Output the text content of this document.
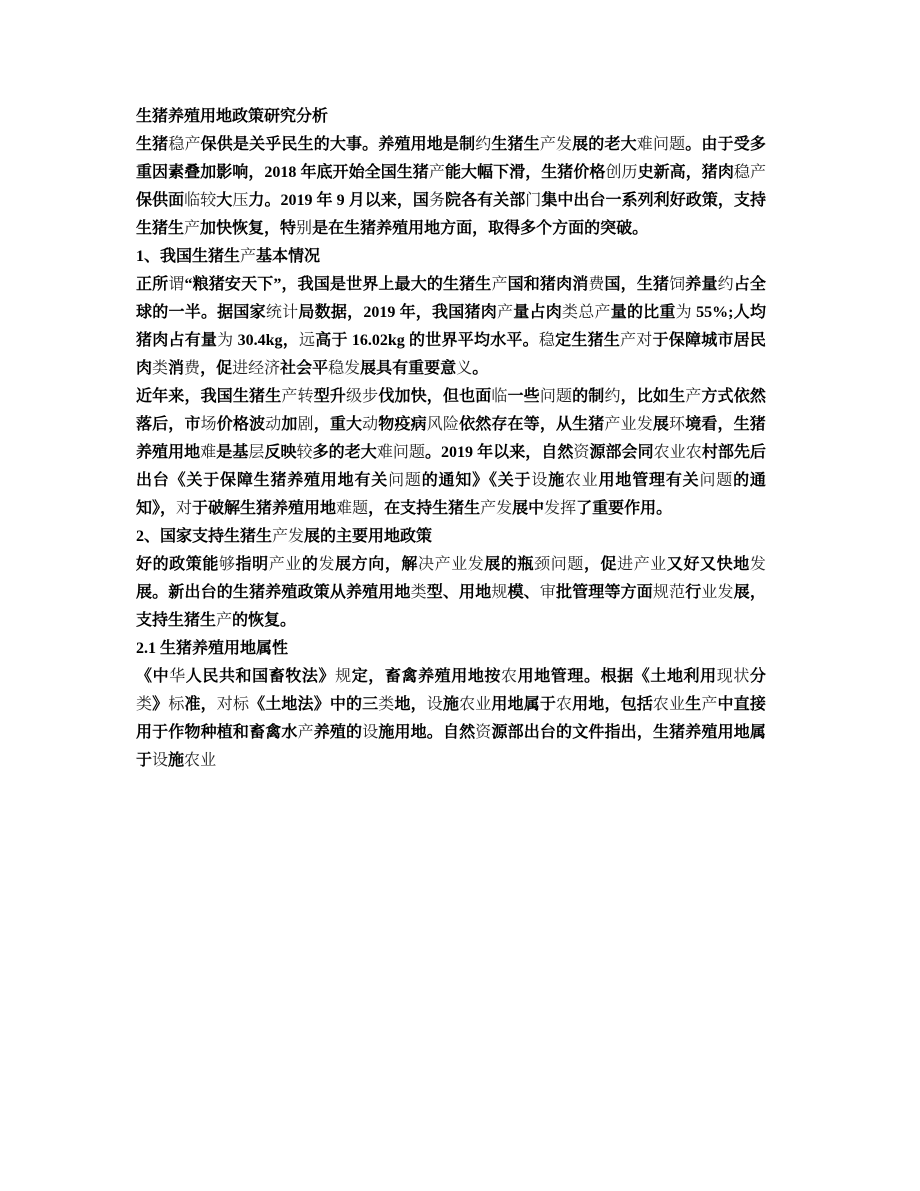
生猪养殖用地政策研究分析

生猪稳产保供是关乎民生的大事。养殖用地是制约生猪生产发展的老大难问题。由于受多重因素叠加影响，2018 年底开始全国生猪产能大幅下滑，生猪价格创历史新高，猪肉稳产保供面临较大压力。2019 年 9 月以来，国务院各有关部门集中出台一系列利好政策，支持生猪生产加快恢复，特别是在生猪养殖用地方面，取得多个方面的突破。

1、我国生猪生产基本情况

正所谓“粮猪安天下”，我国是世界上最大的生猪生产国和猪肉消费国，生猪饲养量约占全球的一半。据国家统计局数据，2019 年，我国猪肉产量占肉类总产量的比重为 55%;人均猪肉占有量为 30.4kg，远高于 16.02kg 的世界平均水平。稳定生猪生产对于保障城市居民肉类消费，促进经济社会平稳发展具有重要意义。

近年来，我国生猪生产转型升级步伐加快，但也面临一些问题的制约，比如生产方式依然落后，市场价格波动加剧，重大动物疫病风险依然存在等，从生猪产业发展环境看，生猪养殖用地难是基层反映较多的老大难问题。2019 年以来，自然资源部会同农业农村部先后出台《关于保障生猪养殖用地有关问题的通知》《关于设施农业用地管理有关问题的通知》，对于破解生猪养殖用地难题，在支持生猪生产发展中发挥了重要作用。

2、国家支持生猪生产发展的主要用地政策

好的政策能够指明产业的发展方向，解决产业发展的瓶颈问题，促进产业又好又快地发展。新出台的生猪养殖政策从养殖用地类型、用地规模、审批管理等方面规范行业发展，支持生猪生产的恢复。

2.1 生猪养殖用地属性

《中华人民共和国畜牧法》规定，畜禽养殖用地按农用地管理。根据《土地利用现状分类》标准，对标《土地法》中的三类地，设施农业用地属于农用地，包括农业生产中直接用于作物种植和畜禽水产养殖的设施用地。自然资源部出台的文件指出，生猪养殖用地属于设施农业
